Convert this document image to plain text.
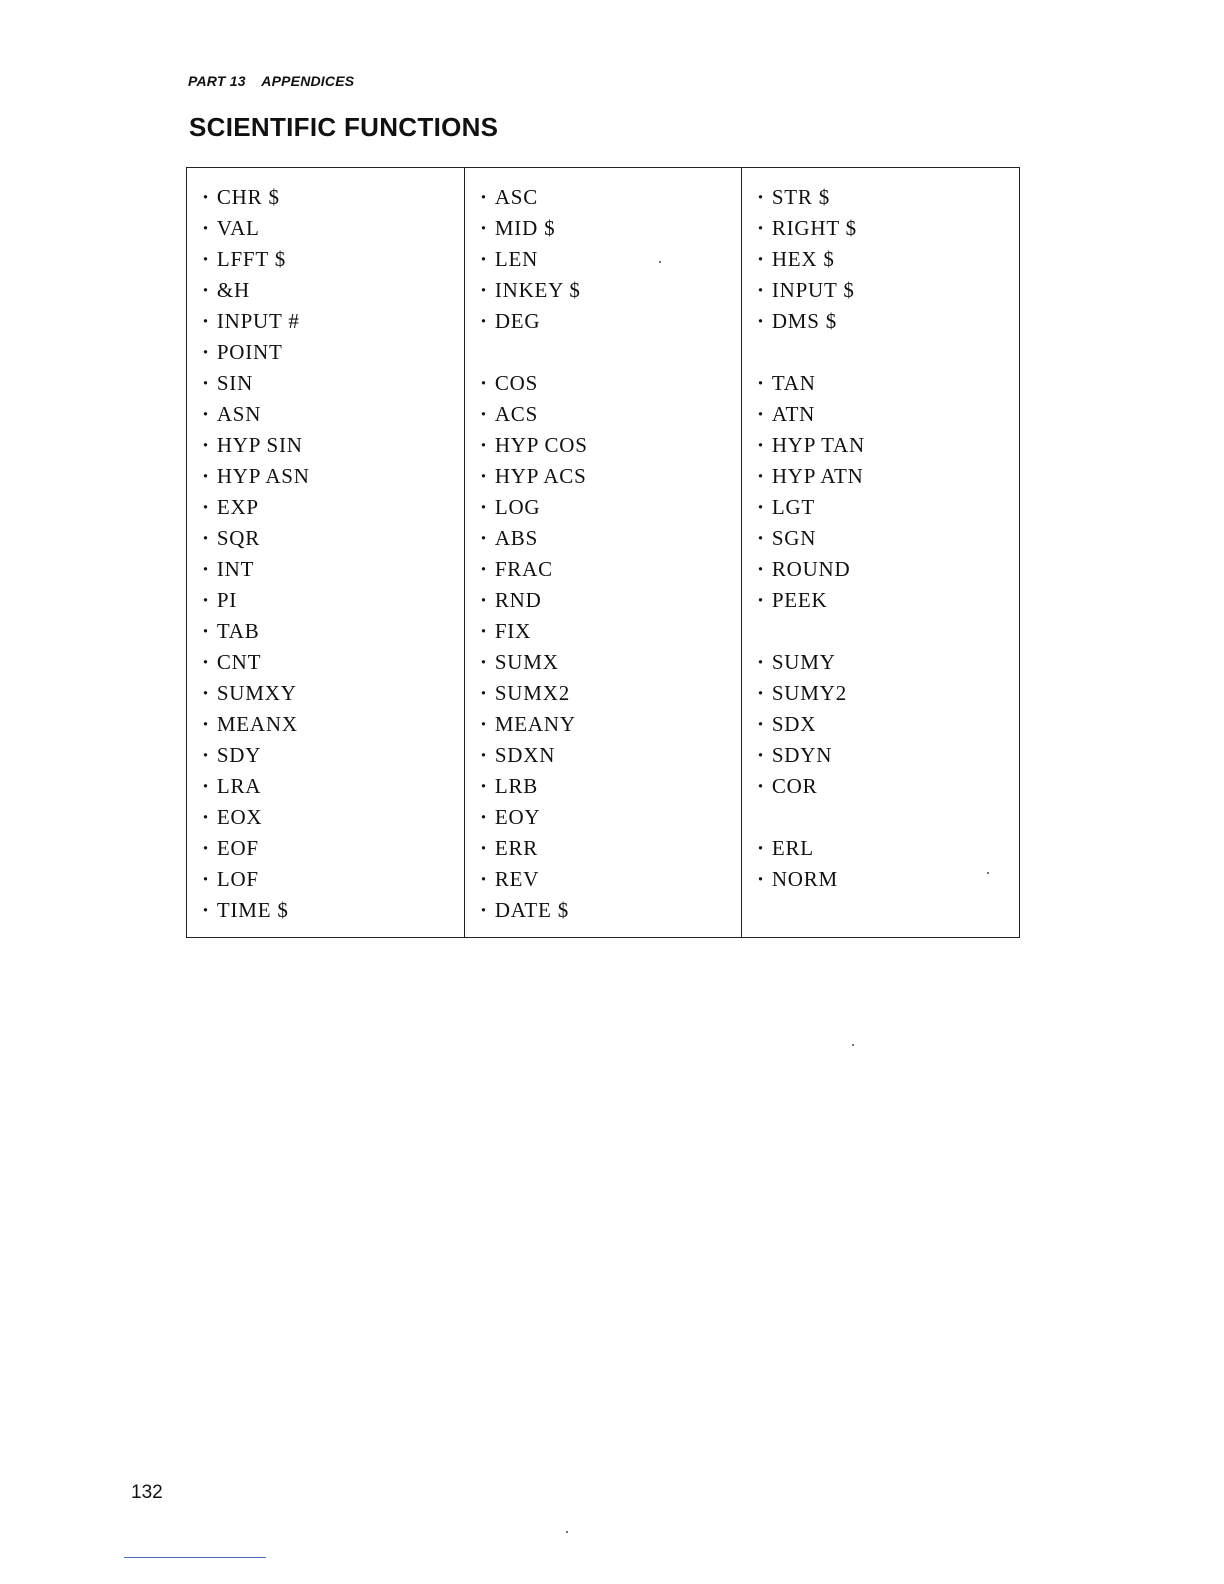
PART 13 APPENDICES
SCIENTIFIC FUNCTIONS
· CHR $
· VAL
· LFFT $
· &H
· INPUT #
· POINT
· SIN
· ASN
· HYP SIN
· HYP ASN
· EXP
· SQR
· INT
· PI
· TAB
· CNT
· SUMXY
· MEANX
· SDY
· LRA
· EOX
· EOF
· LOF
· TIME $
· ASC
· MID $
· LEN
· INKEY $
· DEG
· COS
· ACS
· HYP COS
· HYP ACS
· LOG
· ABS
· FRAC
· RND
· FIX
· SUMX
· SUMX2
· MEANY
· SDXN
· LRB
· EOY
· ERR
· REV
· DATE $
· STR $
· RIGHT $
· HEX $
· INPUT $
· DMS $
· TAN
· ATN
· HYP TAN
· HYP ATN
· LGT
· SGN
· ROUND
· PEEK
· SUMY
· SUMY2
· SDX
· SDYN
· COR
· ERL
· NORM
132
